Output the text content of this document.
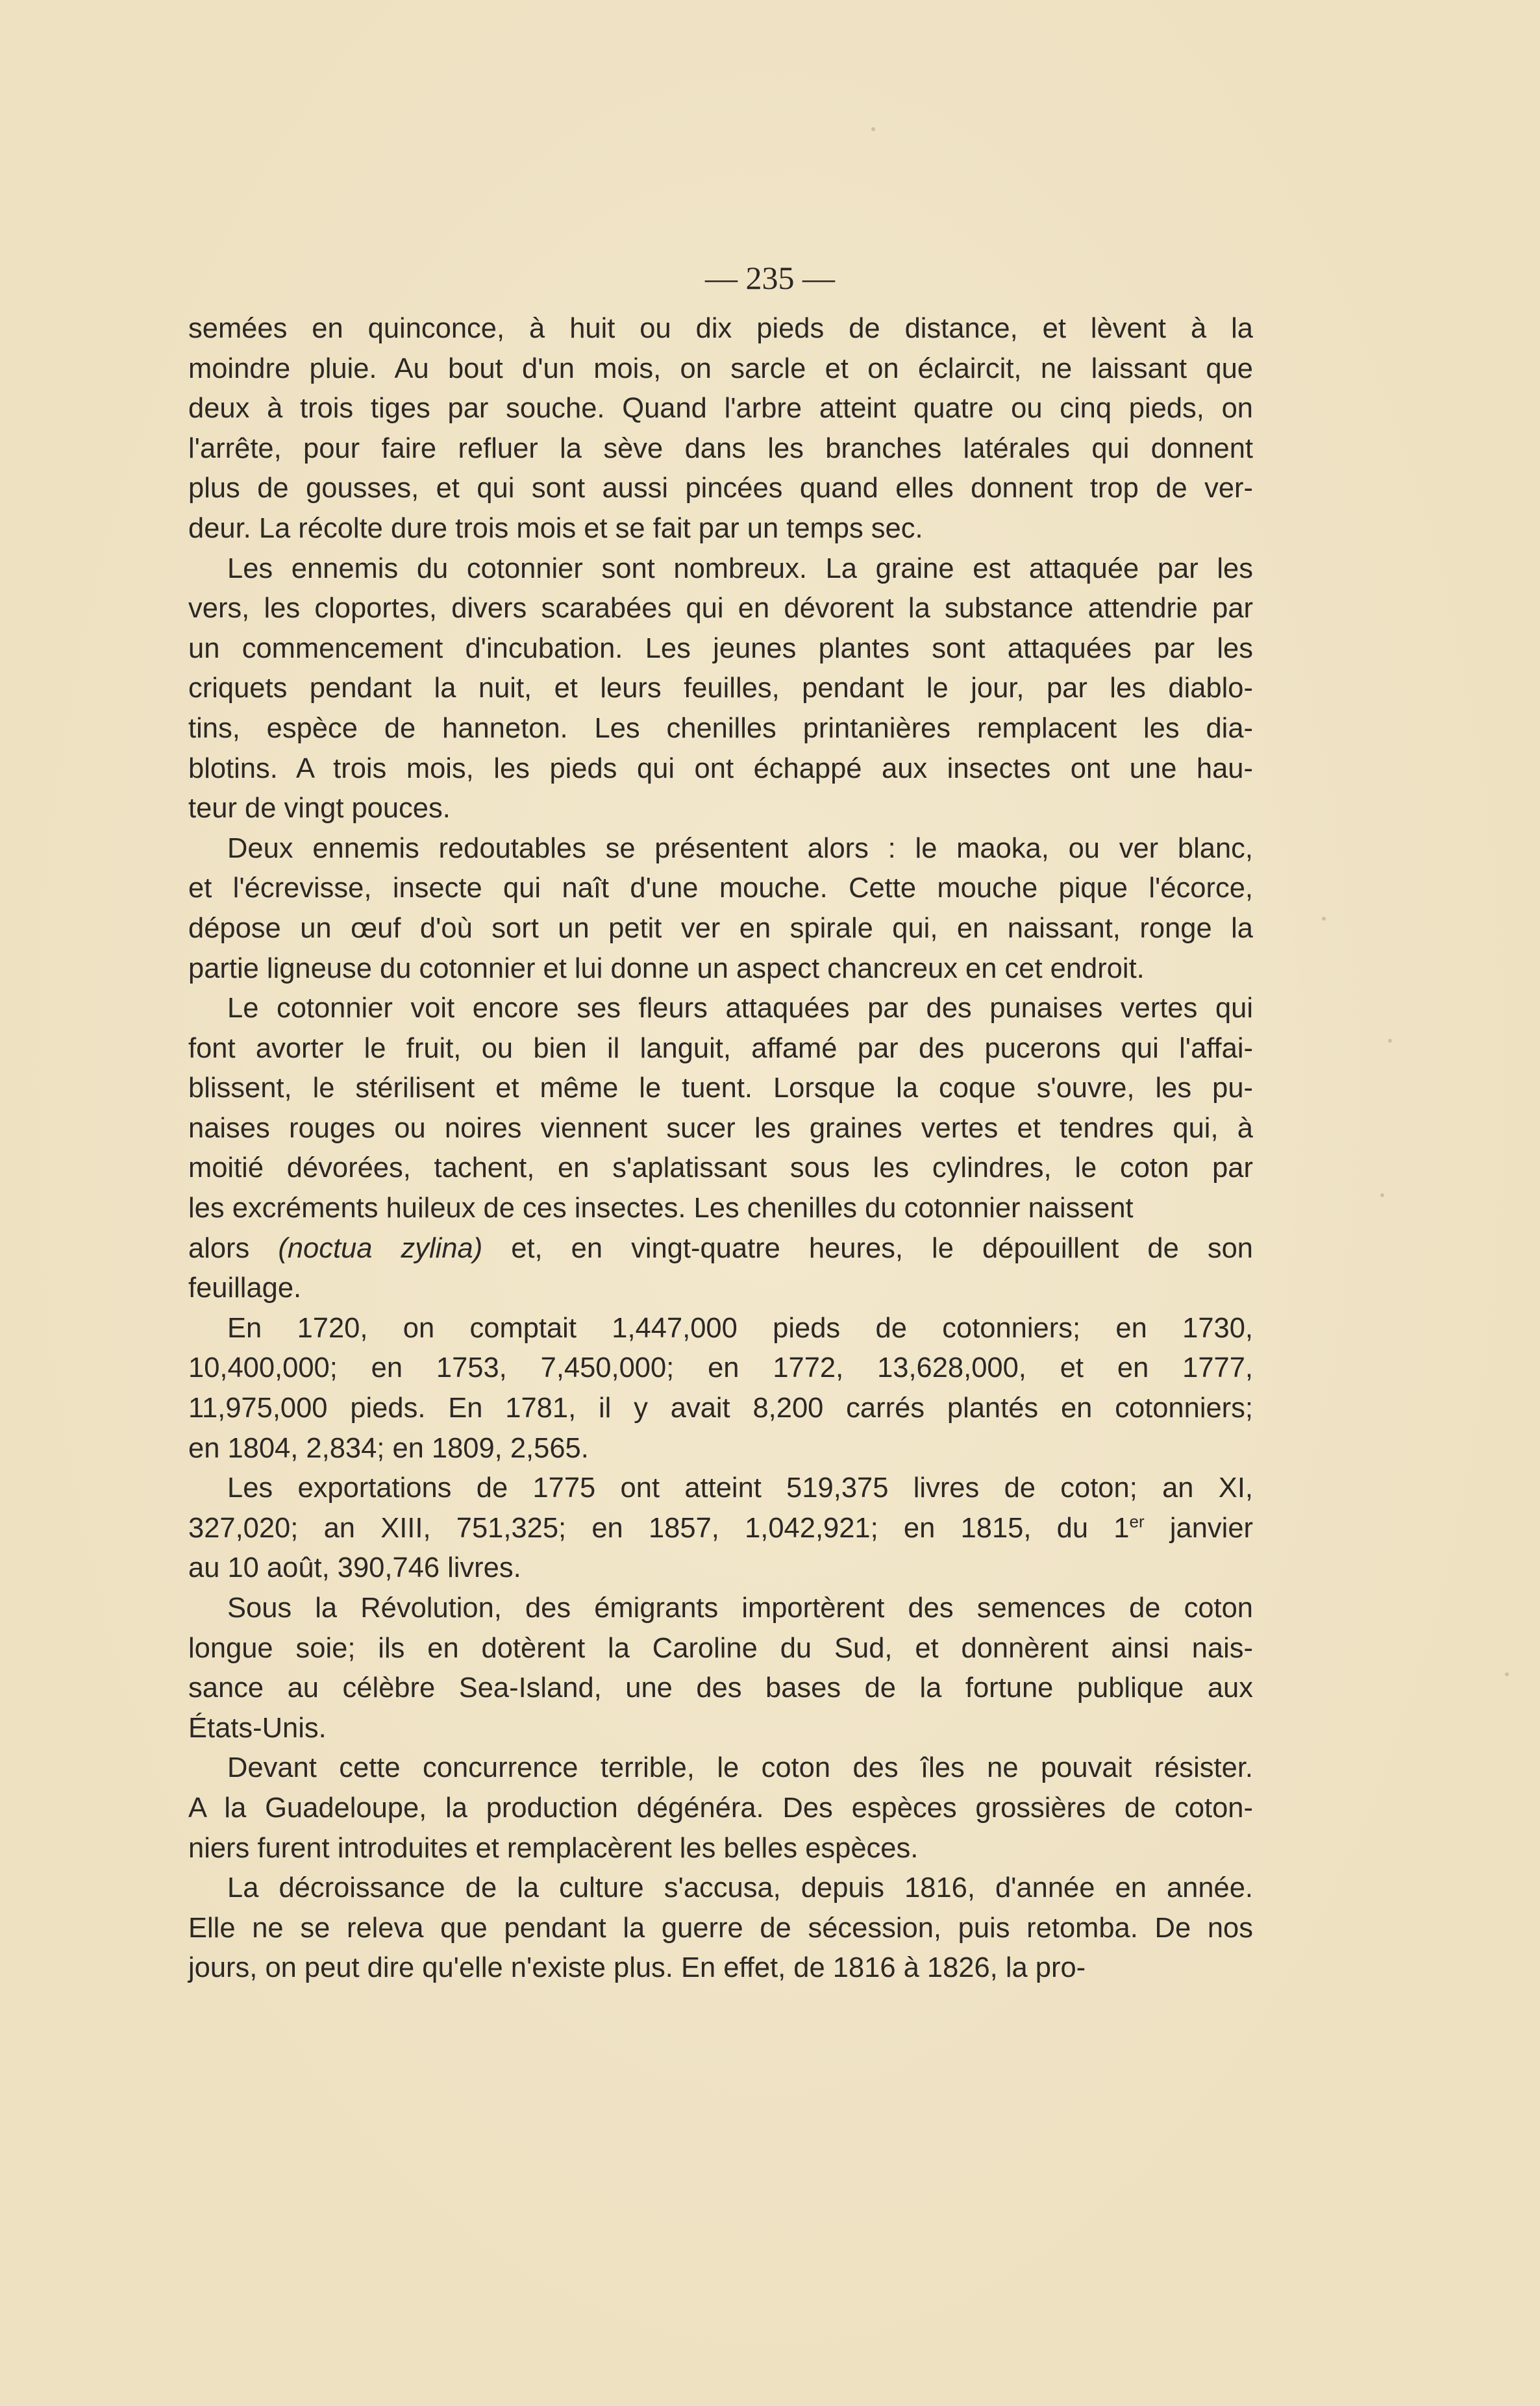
— 235 —
semées en quinconce, à huit ou dix pieds de distance, et lèvent à la
moindre pluie. Au bout d'un mois, on sarcle et on éclaircit, ne laissant que
deux à trois tiges par souche. Quand l'arbre atteint quatre ou cinq pieds, on
l'arrête, pour faire refluer la sève dans les branches latérales qui donnent
plus de gousses, et qui sont aussi pincées quand elles donnent trop de ver-
deur. La récolte dure trois mois et se fait par un temps sec.
Les ennemis du cotonnier sont nombreux. La graine est attaquée par les
vers, les cloportes, divers scarabées qui en dévorent la substance attendrie par
un commencement d'incubation. Les jeunes plantes sont attaquées par les
criquets pendant la nuit, et leurs feuilles, pendant le jour, par les diablo-
tins, espèce de hanneton. Les chenilles printanières remplacent les dia-
blotins. A trois mois, les pieds qui ont échappé aux insectes ont une hau-
teur de vingt pouces.
Deux ennemis redoutables se présentent alors : le maoka, ou ver blanc,
et l'écrevisse, insecte qui naît d'une mouche. Cette mouche pique l'écorce,
dépose un œuf d'où sort un petit ver en spirale qui, en naissant, ronge la
partie ligneuse du cotonnier et lui donne un aspect chancreux en cet endroit.
Le cotonnier voit encore ses fleurs attaquées par des punaises vertes qui
font avorter le fruit, ou bien il languit, affamé par des pucerons qui l'affai-
blissent, le stérilisent et même le tuent. Lorsque la coque s'ouvre, les pu-
naises rouges ou noires viennent sucer les graines vertes et tendres qui, à
moitié dévorées, tachent, en s'aplatissant sous les cylindres, le coton par
les excréments huileux de ces insectes. Les chenilles du cotonnier naissent
alors (noctua zylina) et, en vingt-quatre heures, le dépouillent de son
feuillage.
En 1720, on comptait 1,447,000 pieds de cotonniers; en 1730,
10,400,000; en 1753, 7,450,000; en 1772, 13,628,000, et en 1777,
11,975,000 pieds. En 1781, il y avait 8,200 carrés plantés en cotonniers;
en 1804, 2,834; en 1809, 2,565.
Les exportations de 1775 ont atteint 519,375 livres de coton; an XI,
327,020; an XIII, 751,325; en 1857, 1,042,921; en 1815, du 1er janvier
au 10 août, 390,746 livres.
Sous la Révolution, des émigrants importèrent des semences de coton
longue soie; ils en dotèrent la Caroline du Sud, et donnèrent ainsi nais-
sance au célèbre Sea-Island, une des bases de la fortune publique aux
États-Unis.
Devant cette concurrence terrible, le coton des îles ne pouvait résister.
A la Guadeloupe, la production dégénéra. Des espèces grossières de coton-
niers furent introduites et remplacèrent les belles espèces.
La décroissance de la culture s'accusa, depuis 1816, d'année en année.
Elle ne se releva que pendant la guerre de sécession, puis retomba. De nos
jours, on peut dire qu'elle n'existe plus. En effet, de 1816 à 1826, la pro-
